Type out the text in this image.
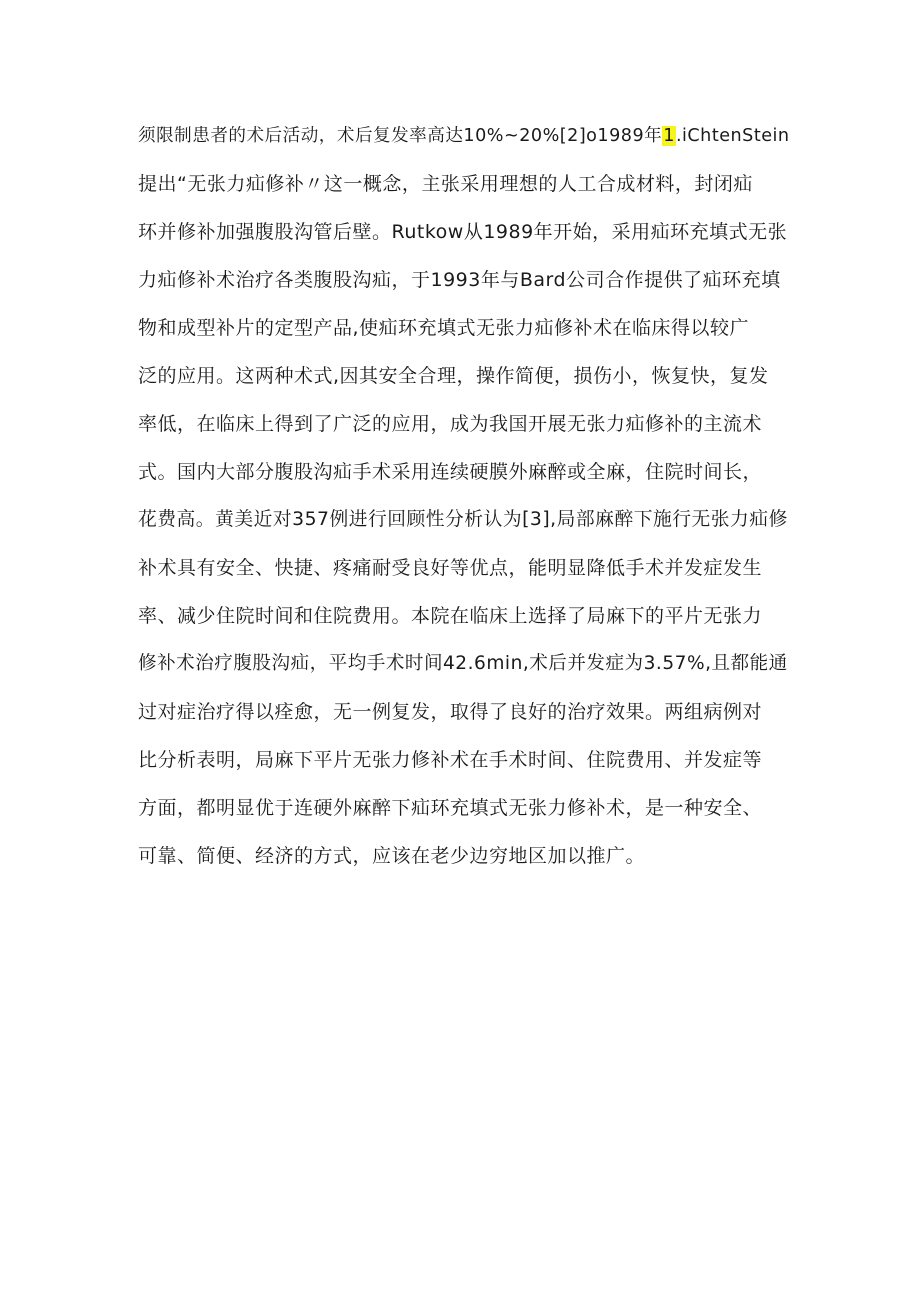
须限制患者的术后活动，术后复发率高达10%~20%[2]o1989年1.iChtenStein
提出“无张力疝修补〃这一概念，主张采用理想的人工合成材料，封闭疝
环并修补加强腹股沟管后壁。Rutkow从1989年开始，采用疝环充填式无张
力疝修补术治疗各类腹股沟疝，于1993年与Bard公司合作提供了疝环充填
物和成型补片的定型产品,使疝环充填式无张力疝修补术在临床得以较广
泛的应用。这两种术式,因其安全合理，操作简便，损伤小，恢复快，复发
率低，在临床上得到了广泛的应用，成为我国开展无张力疝修补的主流术
式。国内大部分腹股沟疝手术采用连续硬膜外麻醉或全麻，住院时间长，
花费高。黄美近对357例进行回顾性分析认为[3],局部麻醉下施行无张力疝修
补术具有安全、快捷、疼痛耐受良好等优点，能明显降低手术并发症发生
率、减少住院时间和住院费用。本院在临床上选择了局麻下的平片无张力
修补术治疗腹股沟疝，平均手术时间42.6min,术后并发症为3.57%,且都能通
过对症治疗得以痊愈，无一例复发，取得了良好的治疗效果。两组病例对
比分析表明，局麻下平片无张力修补术在手术时间、住院费用、并发症等
方面，都明显优于连硬外麻醉下疝环充填式无张力修补术，是一种安全、
可靠、简便、经济的方式，应该在老少边穷地区加以推广。
